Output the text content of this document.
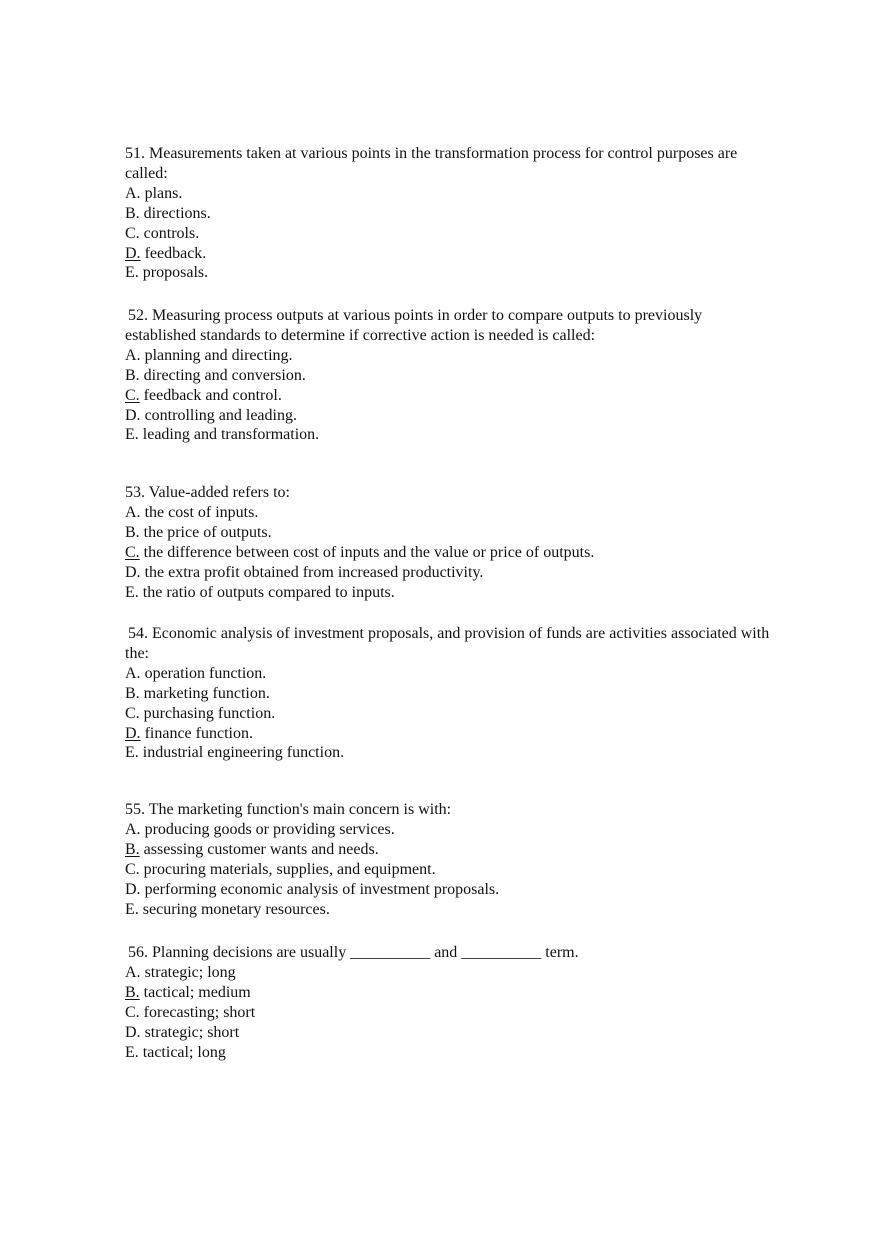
51. Measurements taken at various points in the transformation process for control purposes are called:

A. plans.

B. directions.

C. controls.

D. feedback.

E. proposals.

52. Measuring process outputs at various points in order to compare outputs to previously established standards to determine if corrective action is needed is called:

A. planning and directing.

B. directing and conversion.

C. feedback and control.

D. controlling and leading.

E. leading and transformation.

53. Value-added refers to:

A. the cost of inputs.

B. the price of outputs.

C. the difference between cost of inputs and the value or price of outputs.

D. the extra profit obtained from increased productivity.

E. the ratio of outputs compared to inputs.

54. Economic analysis of investment proposals, and provision of funds are activities associated with the:

A. operation function.

B. marketing function.

C. purchasing function.

D. finance function.

E. industrial engineering function.

55. The marketing function's main concern is with:

A. producing goods or providing services.

B. assessing customer wants and needs.

C. procuring materials, supplies, and equipment.

D. performing economic analysis of investment proposals.

E. securing monetary resources.

56. Planning decisions are usually __________ and __________ term.

A. strategic; long

B. tactical; medium

C. forecasting; short

D. strategic; short

E. tactical; long
